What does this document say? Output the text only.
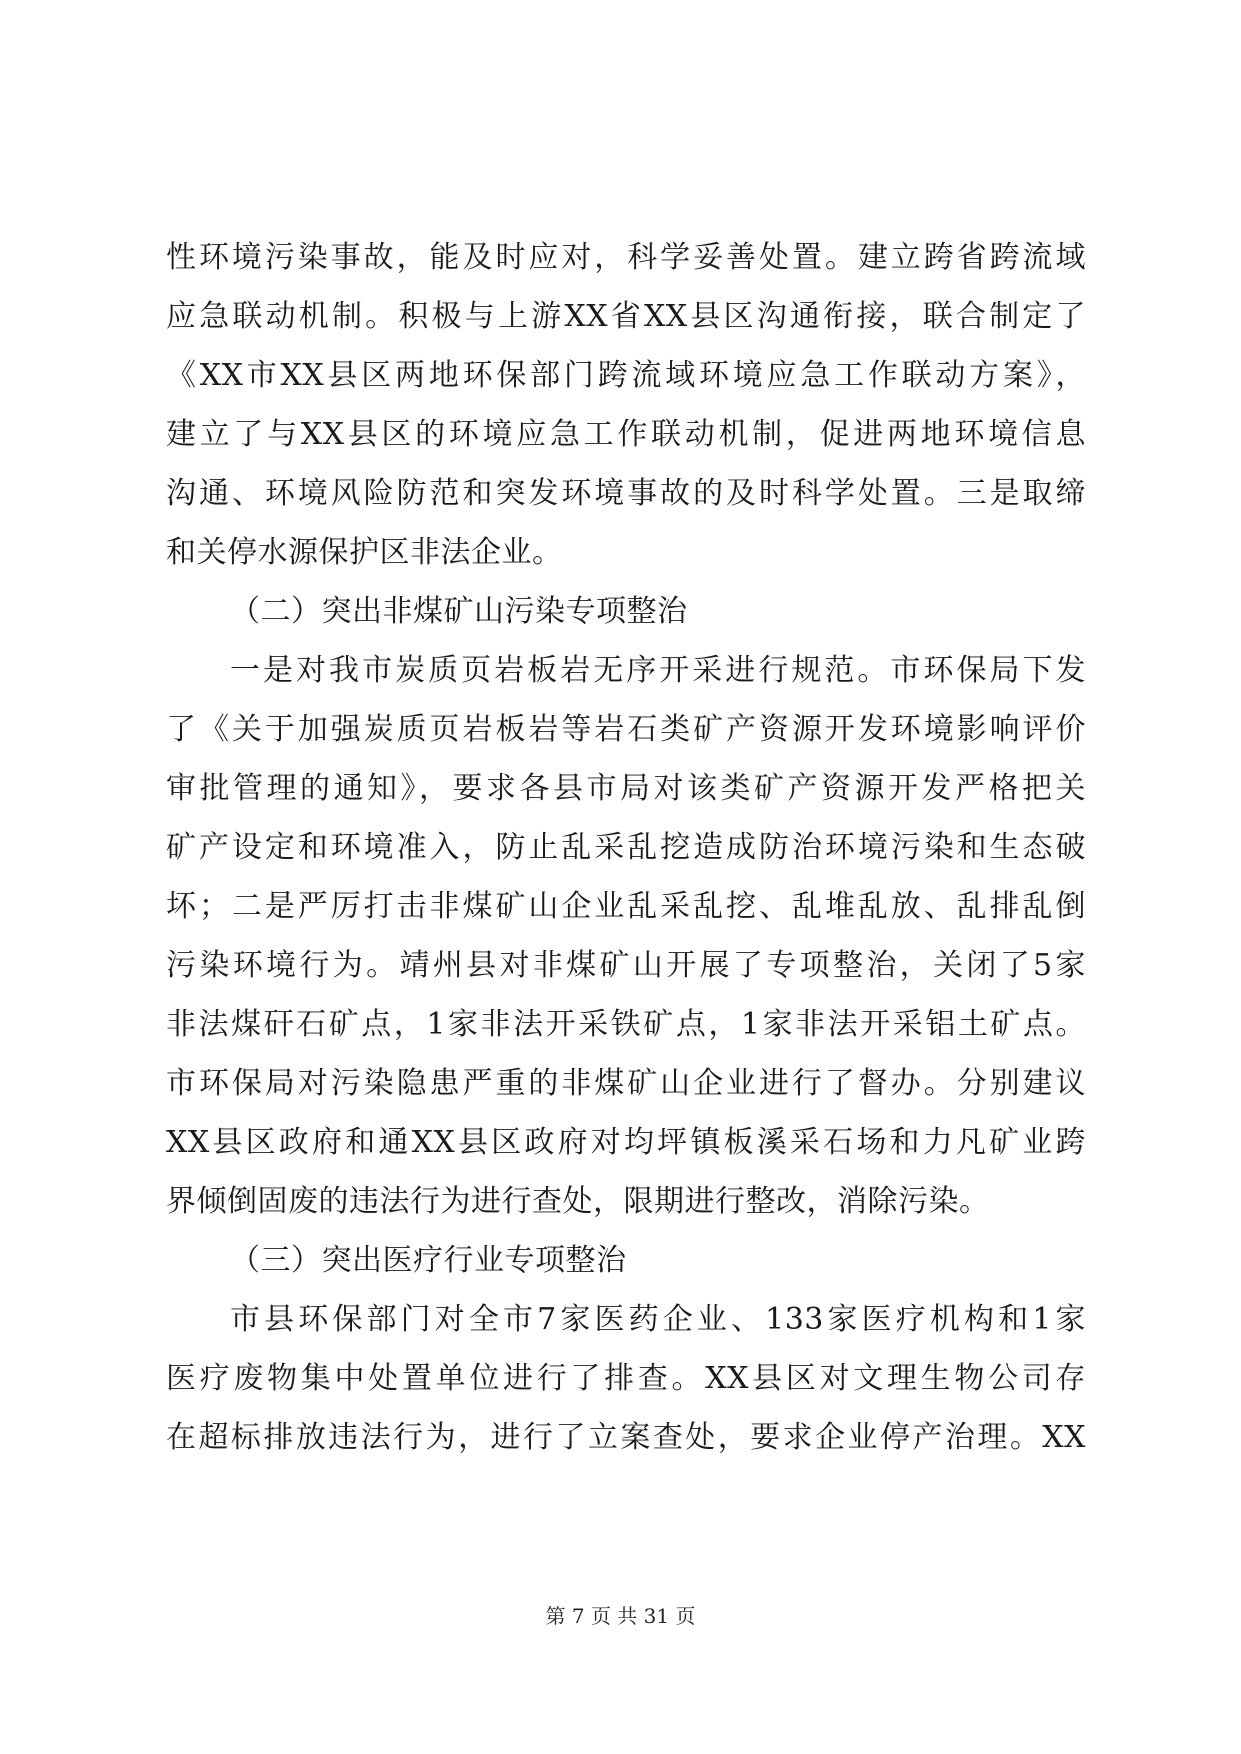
性环境污染事故，能及时应对，科学妥善处置。建立跨省跨流域
应急联动机制。积极与上游XX省XX县区沟通衔接，联合制定了
《XX市XX县区两地环保部门跨流域环境应急工作联动方案》，
建立了与XX县区的环境应急工作联动机制，促进两地环境信息
沟通、环境风险防范和突发环境事故的及时科学处置。三是取缔
和关停水源保护区非法企业。
（二）突出非煤矿山污染专项整治
一是对我市炭质页岩板岩无序开采进行规范。市环保局下发
了《关于加强炭质页岩板岩等岩石类矿产资源开发环境影响评价
审批管理的通知》，要求各县市局对该类矿产资源开发严格把关
矿产设定和环境准入，防止乱采乱挖造成防治环境污染和生态破
坏；二是严厉打击非煤矿山企业乱采乱挖、乱堆乱放、乱排乱倒
污染环境行为。靖州县对非煤矿山开展了专项整治，关闭了5家
非法煤矸石矿点，1家非法开采铁矿点，1家非法开采铝土矿点。
市环保局对污染隐患严重的非煤矿山企业进行了督办。分别建议
XX县区政府和通XX县区政府对均坪镇板溪采石场和力凡矿业跨
界倾倒固废的违法行为进行查处，限期进行整改，消除污染。
（三）突出医疗行业专项整治
市县环保部门对全市7家医药企业、133家医疗机构和1家
医疗废物集中处置单位进行了排查。XX县区对文理生物公司存
在超标排放违法行为，进行了立案查处，要求企业停产治理。XX
第 7 页 共 31 页
